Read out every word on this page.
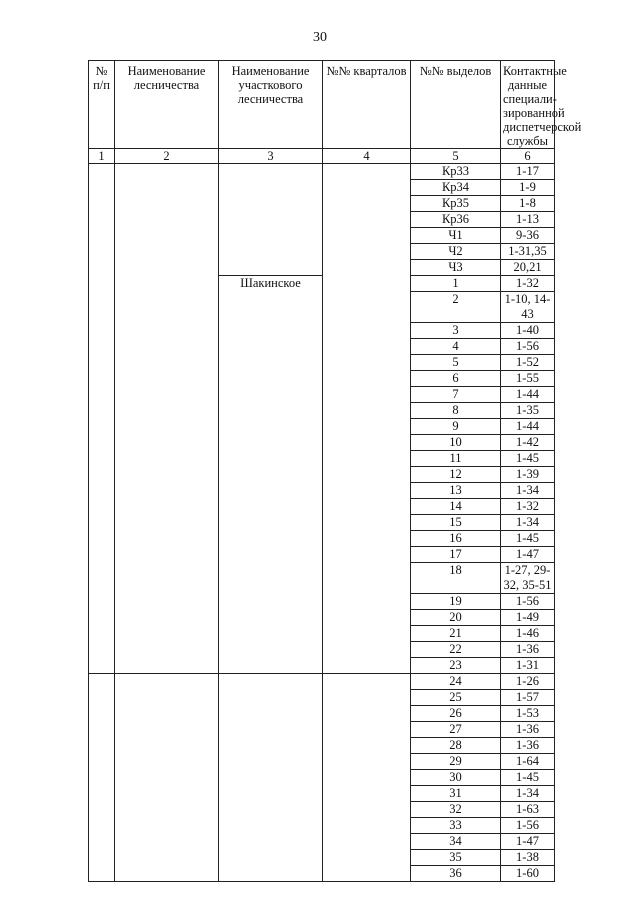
30
№ п/п	Наименование лесничества	Наименование участкового лесничества	№№ кварталов	№№ выделов	Контактные данные специали-зированной диспетчерской службы
1	2	3	4	5	6
				Кр33	1-17
				Кр34	1-9
				Кр35	1-8
				Кр36	1-13
				Ч1	9-36
				Ч2	1-31,35
				Ч3	20,21
		Шакинское		1	1-32
				2	1-10, 14-43
				3	1-40
				4	1-56
				5	1-52
				6	1-55
				7	1-44
				8	1-35
				9	1-44
				10	1-42
				11	1-45
				12	1-39
				13	1-34
				14	1-32
				15	1-34
				16	1-45
				17	1-47
				18	1-27, 29-32, 35-51
				19	1-56
				20	1-49
				21	1-46
				22	1-36
				23	1-31
				24	1-26
				25	1-57
				26	1-53
				27	1-36
				28	1-36
				29	1-64
				30	1-45
				31	1-34
				32	1-63
				33	1-56
				34	1-47
				35	1-38
				36	1-60
